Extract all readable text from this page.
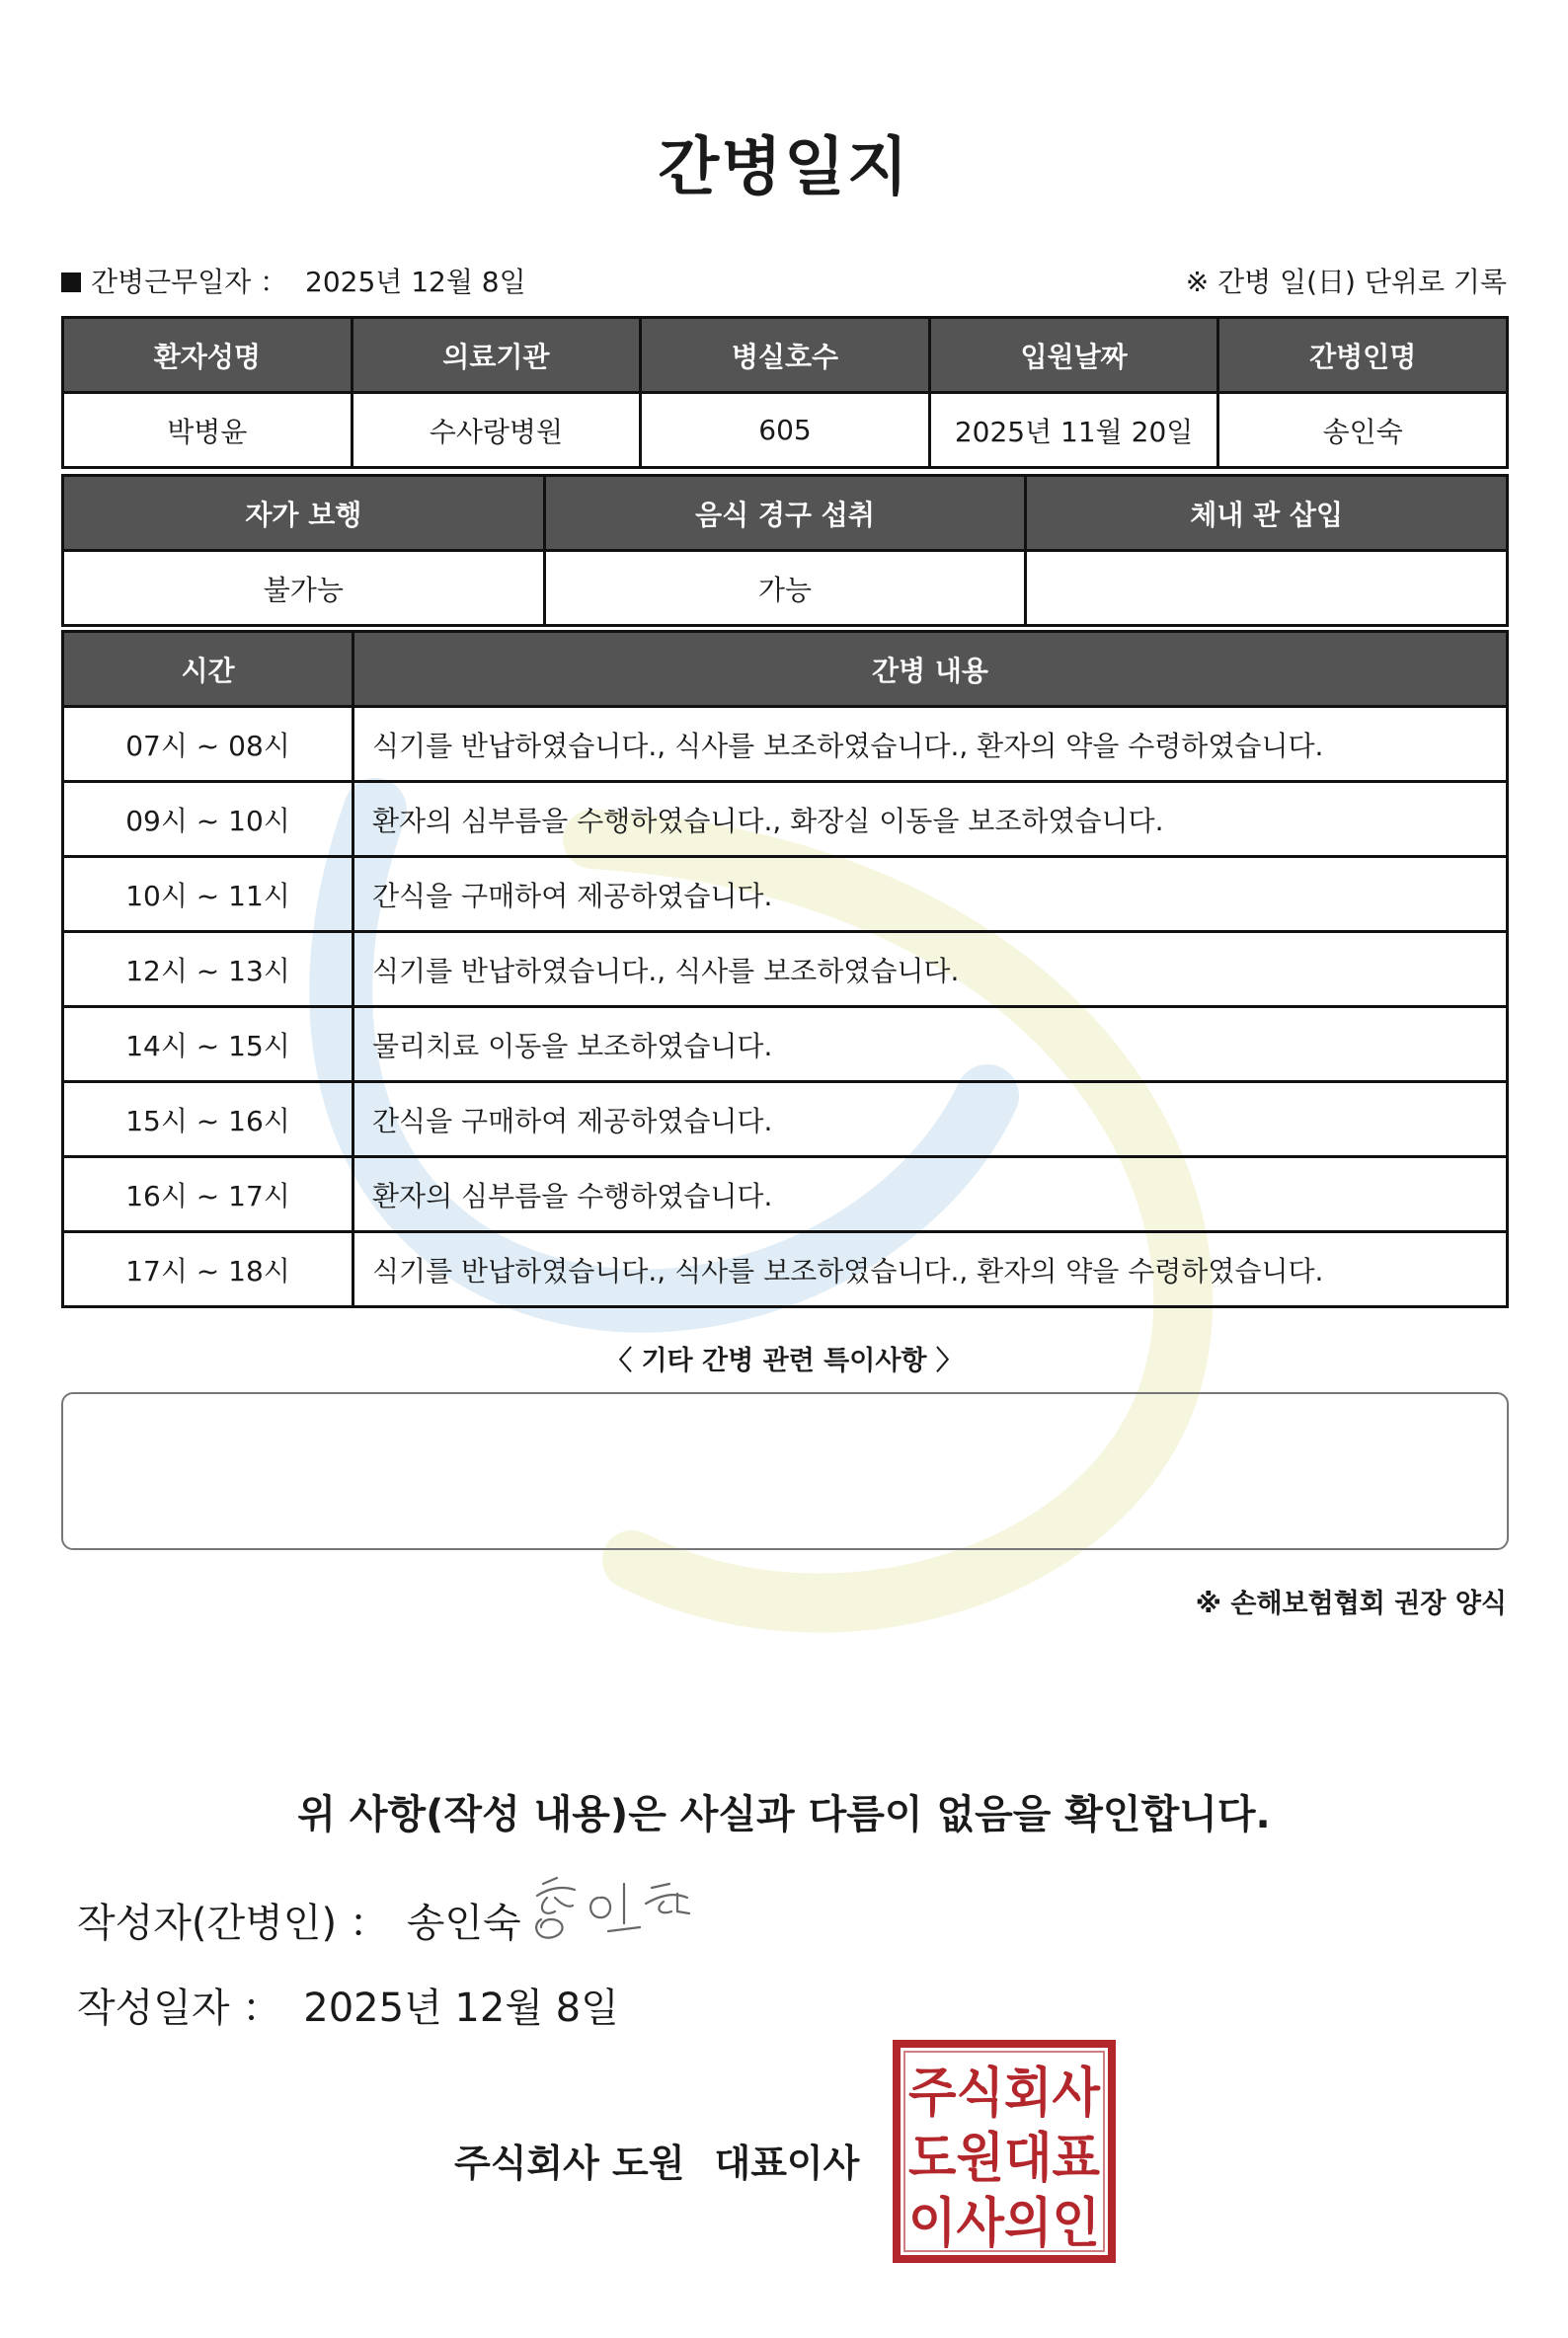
간병일지
간병근무일자 ： 2025년 12월 8일	※ 간병 일(日) 단위로 기록
환자성명	의료기관	병실호수	입원날짜	간병인명
박병윤	수사랑병원	605	2025년 11월 20일	송인숙
자가 보행	음식 경구 섭취	체내 관 삽입
불가능	가능	
시간	간병 내용
07시 ~ 08시	식기를 반납하였습니다., 식사를 보조하였습니다., 환자의 약을 수령하였습니다.
09시 ~ 10시	환자의 심부름을 수행하였습니다., 화장실 이동을 보조하였습니다.
10시 ~ 11시	간식을 구매하여 제공하였습니다.
12시 ~ 13시	식기를 반납하였습니다., 식사를 보조하였습니다.
14시 ~ 15시	물리치료 이동을 보조하였습니다.
15시 ~ 16시	간식을 구매하여 제공하였습니다.
16시 ~ 17시	환자의 심부름을 수행하였습니다.
17시 ~ 18시	식기를 반납하였습니다., 식사를 보조하였습니다., 환자의 약을 수령하였습니다.
〈 기타 간병 관련 특이사항 〉
※ 손해보험협회 권장 양식
위 사항(작성 내용)은 사실과 다름이 없음을 확인합니다.
작성자(간병인) ： 송인숙
작성일자 ： 2025년 12월 8일
주식회사 도원 대표이사
주식회사
도원대표
이사의인
